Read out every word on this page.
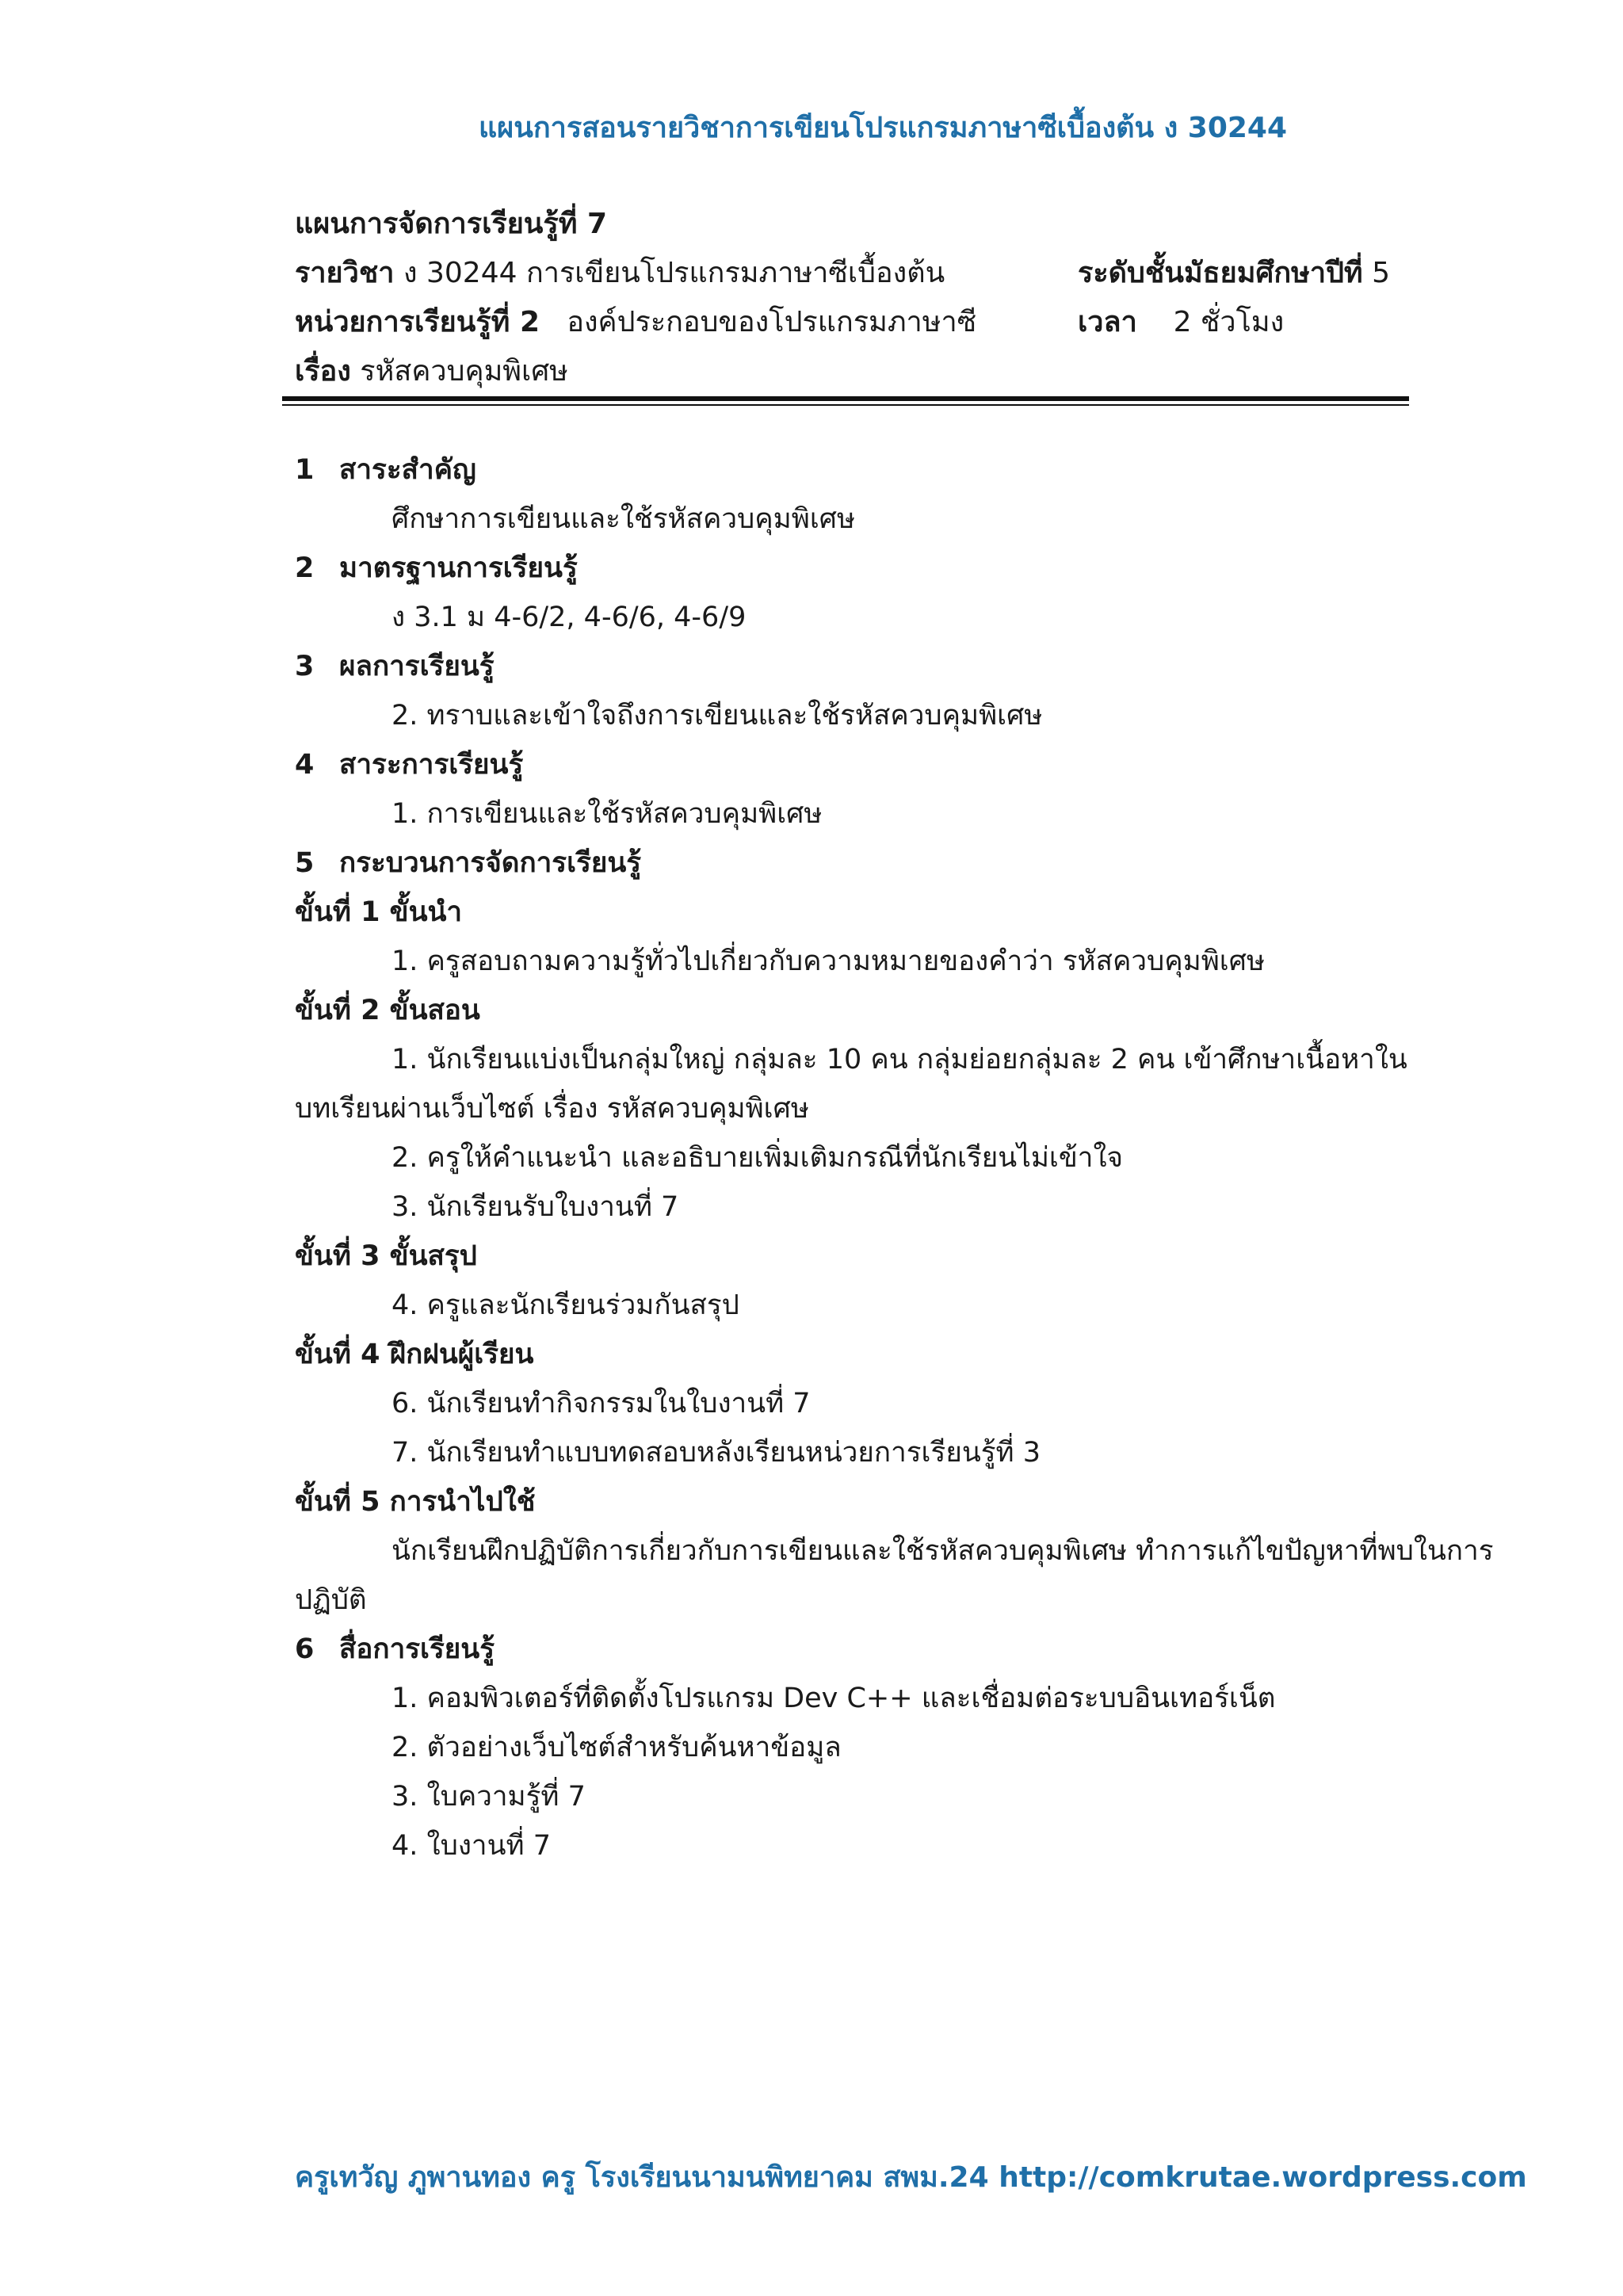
แผนการสอนรายวิชาการเขียนโปรแกรมภาษาซีเบื้องต้น ง 30244
แผนการจัดการเรียนรู้ที่ 7
รายวิชา ง 30244 การเขียนโปรแกรมภาษาซีเบื้องต้น
หน่วยการเรียนรู้ที่ 2 องค์ประกอบของโปรแกรมภาษาซี
เรื่อง รหัสควบคุมพิเศษ
ระดับชั้นมัธยมศึกษาปีที่ 5
เวลา 2 ชั่วโมง
1 สาระสำคัญ
ศึกษาการเขียนและใช้รหัสควบคุมพิเศษ
2 มาตรฐานการเรียนรู้
ง 3.1 ม 4-6/2, 4-6/6, 4-6/9
3 ผลการเรียนรู้
2. ทราบและเข้าใจถึงการเขียนและใช้รหัสควบคุมพิเศษ
4 สาระการเรียนรู้
1. การเขียนและใช้รหัสควบคุมพิเศษ
5 กระบวนการจัดการเรียนรู้
ขั้นที่ 1 ขั้นนำ
1. ครูสอบถามความรู้ทั่วไปเกี่ยวกับความหมายของคำว่า รหัสควบคุมพิเศษ
ขั้นที่ 2 ขั้นสอน
1. นักเรียนแบ่งเป็นกลุ่มใหญ่ กลุ่มละ 10 คน กลุ่มย่อยกลุ่มละ 2 คน เข้าศึกษาเนื้อหาใน
บทเรียนผ่านเว็บไซต์ เรื่อง รหัสควบคุมพิเศษ
2. ครูให้คำแนะนำ และอธิบายเพิ่มเติมกรณีที่นักเรียนไม่เข้าใจ
3. นักเรียนรับใบงานที่ 7
ขั้นที่ 3 ขั้นสรุป
4. ครูและนักเรียนร่วมกันสรุป
ขั้นที่ 4 ฝึกฝนผู้เรียน
6. นักเรียนทำกิจกรรมในใบงานที่ 7
7. นักเรียนทำแบบทดสอบหลังเรียนหน่วยการเรียนรู้ที่ 3
ขั้นที่ 5 การนำไปใช้
นักเรียนฝึกปฏิบัติการเกี่ยวกับการเขียนและใช้รหัสควบคุมพิเศษ ทำการแก้ไขปัญหาที่พบในการ
ปฏิบัติ
6 สื่อการเรียนรู้
1. คอมพิวเตอร์ที่ติดตั้งโปรแกรม Dev C++ และเชื่อมต่อระบบอินเทอร์เน็ต
2. ตัวอย่างเว็บไซต์สำหรับค้นหาข้อมูล
3. ใบความรู้ที่ 7
4. ใบงานที่ 7
ครูเทวัญ ภูพานทอง ครู โรงเรียนนามนพิทยาคม สพม.24 http://comkrutae.wordpress.com
